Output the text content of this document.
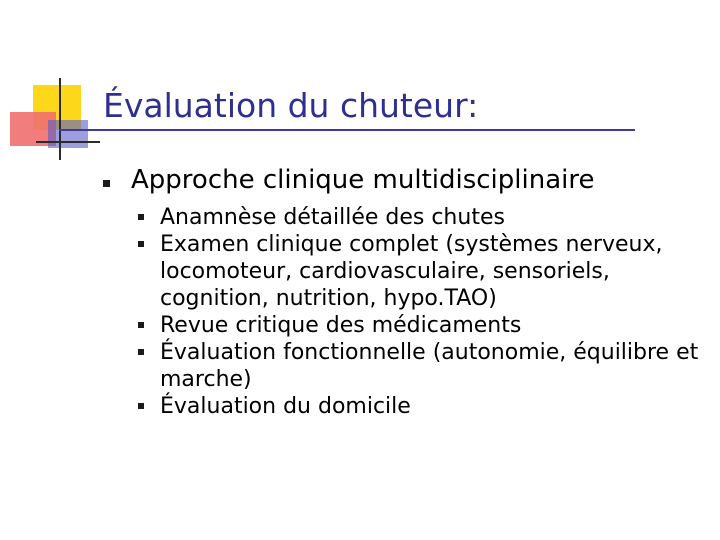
Évaluation du chuteur:
Approche clinique multidisciplinaire
Anamnèse détaillée des chutes
Examen clinique complet (systèmes nerveux, locomoteur, cardiovasculaire, sensoriels, cognition, nutrition, hypo.TAO)
Revue critique des médicaments
Évaluation fonctionnelle (autonomie, équilibre et marche)
Évaluation du domicile
